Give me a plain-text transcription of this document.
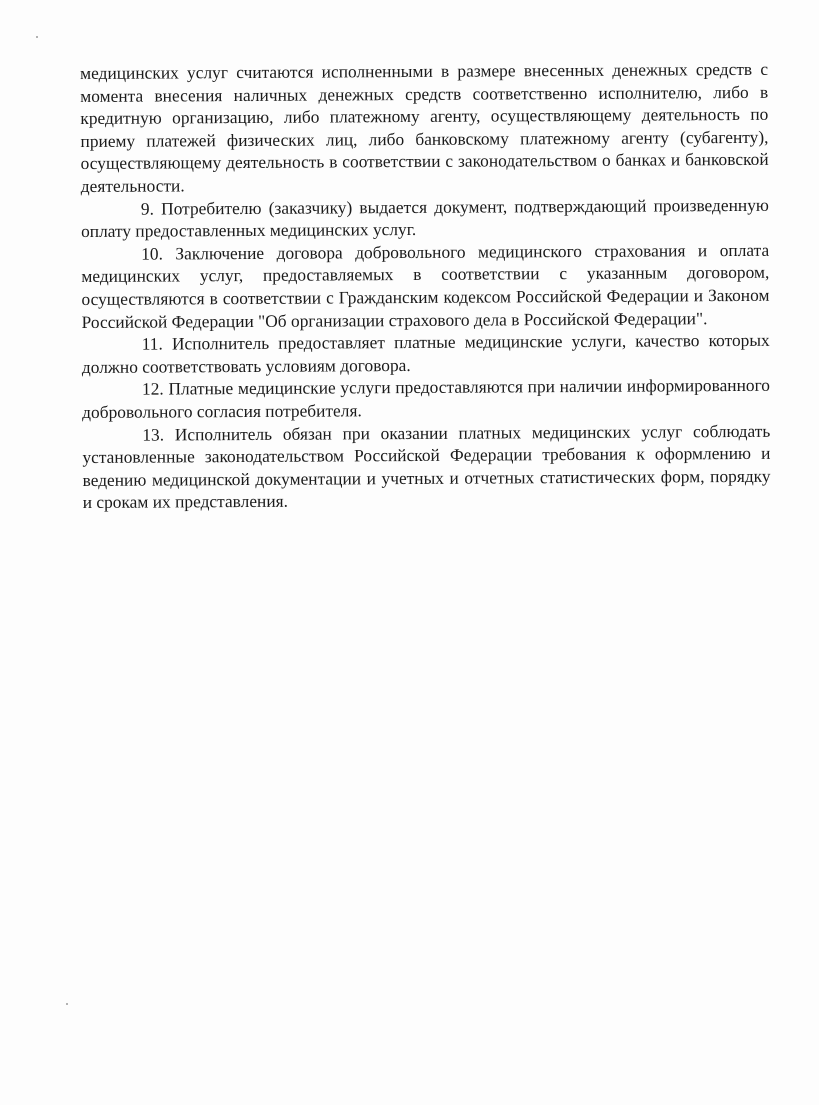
медицинских услуг считаются исполненными в размере внесенных денежных средств с момента внесения наличных денежных средств соответственно исполнителю, либо в кредитную организацию, либо платежному агенту, осуществляющему деятельность по приему платежей физических лиц, либо банковскому платежному агенту (субагенту), осуществляющему деятельность в соответствии с законодательством о банках и банковской деятельности.

9. Потребителю (заказчику) выдается документ, подтверждающий произведенную оплату предоставленных медицинских услуг.

10. Заключение договора добровольного медицинского страхования и оплата медицинских услуг, предоставляемых в соответствии с указанным договором, осуществляются в соответствии с Гражданским кодексом Российской Федерации и Законом Российской Федерации "Об организации страхового дела в Российской Федерации".

11. Исполнитель предоставляет платные медицинские услуги, качество которых должно соответствовать условиям договора.

12. Платные медицинские услуги предоставляются при наличии информированного добровольного согласия потребителя.

13. Исполнитель обязан при оказании платных медицинских услуг соблюдать установленные законодательством Российской Федерации требования к оформлению и ведению медицинской документации и учетных и отчетных статистических форм, порядку и срокам их представления.
